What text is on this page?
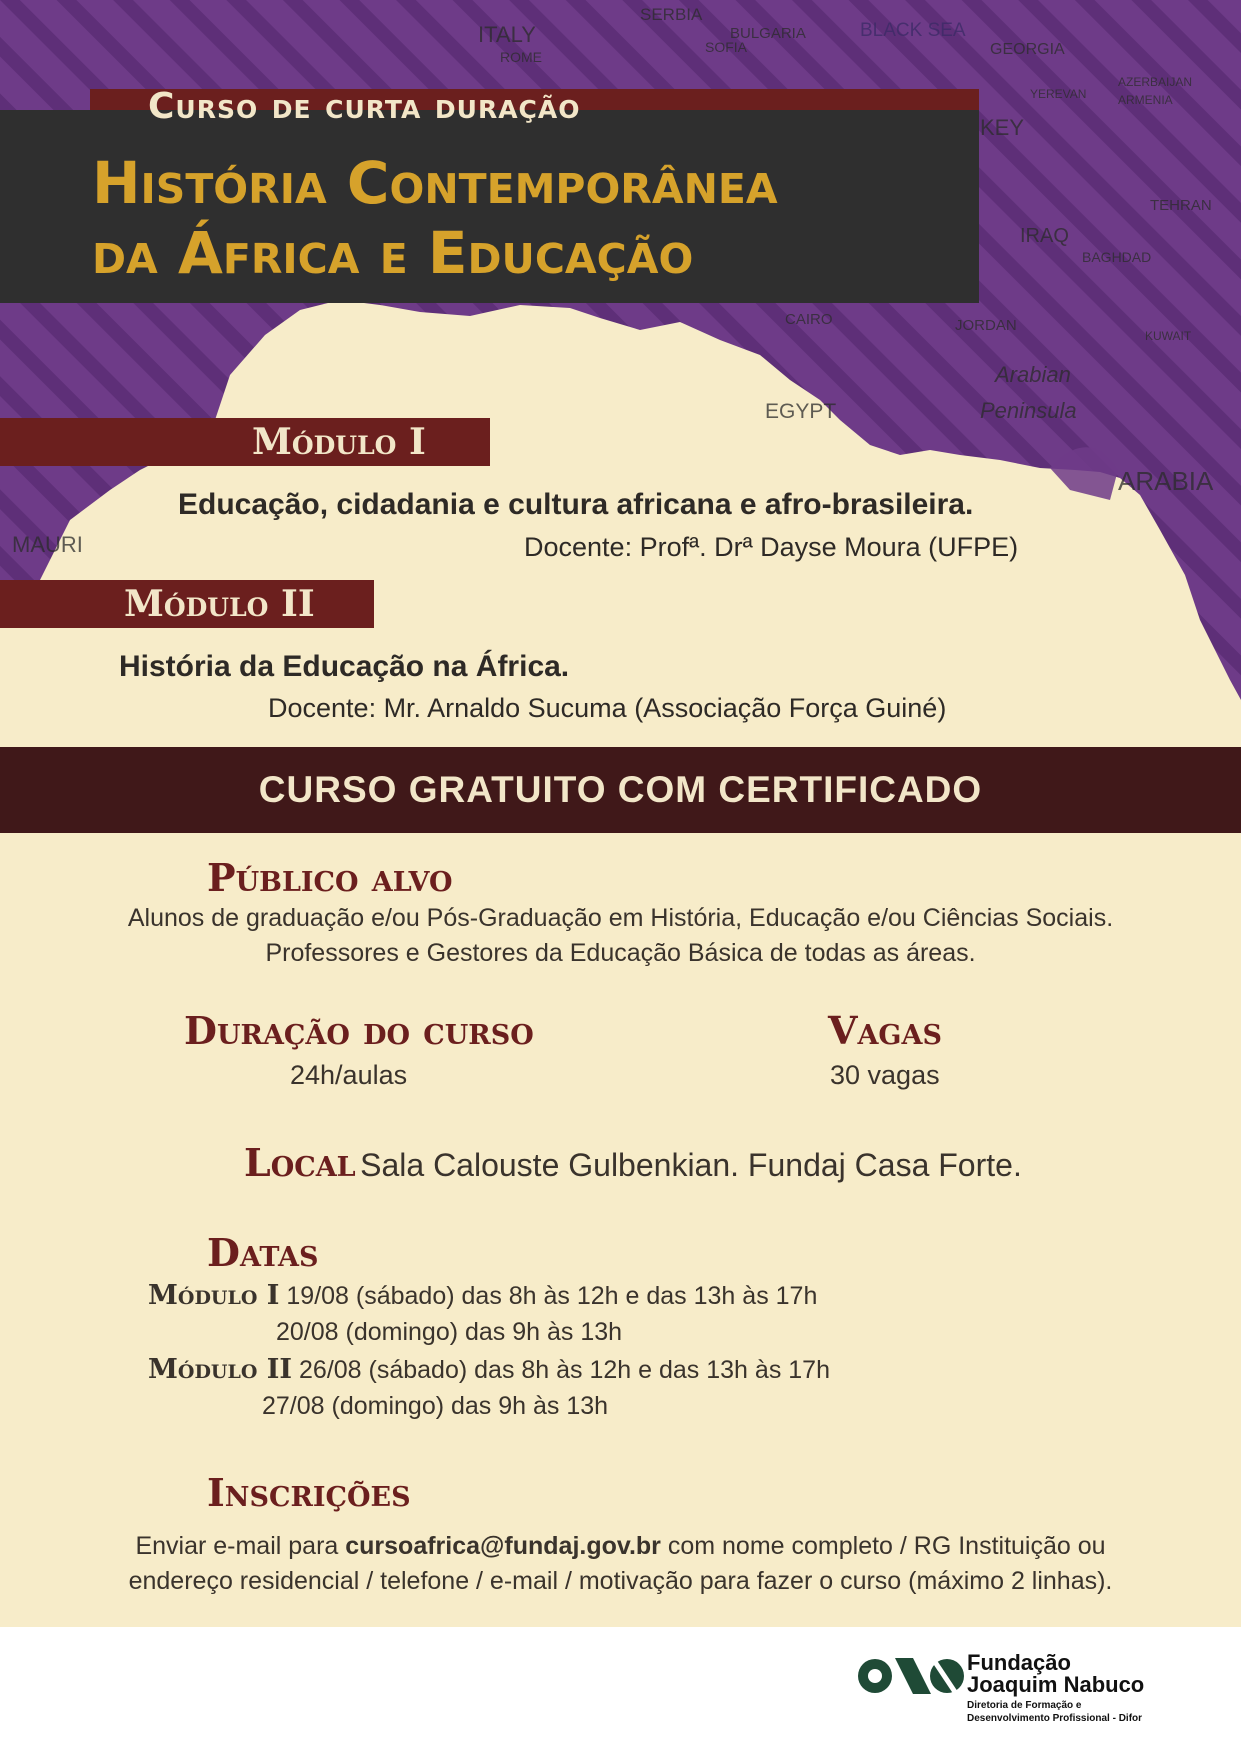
ITALY
SERBIA
BULGARIA	BLACK SEA
GEORGIA
ROME
SOFIA
AZERBAIJAN
ARMENIA
YEREVAN
TEHRAN
IRAQ
BAGHDAD
CAIRO	JORDAN
EGYPT
KUWAIT
ARABIA
Arabian
Peninsula
MAURI
KEY
Curso de curta duração
História Contemporânea
da África e Educação
Módulo I
Educação, cidadania e cultura africana e afro-brasileira.
Docente: Profª. Drª Dayse Moura (UFPE)
Módulo II
História da Educação na África.
Docente: Mr. Arnaldo Sucuma (Associação Força Guiné)
CURSO GRATUITO COM CERTIFICADO
Público alvo
Alunos de graduação e/ou Pós-Graduação em História, Educação e/ou Ciências Sociais.
Professores e Gestores da Educação Básica de todas as áreas.
Duração do curso
24h/aulas
Vagas
30 vagas
Local Sala Calouste Gulbenkian. Fundaj Casa Forte.
Datas
Módulo I 19/08 (sábado) das 8h às 12h e das 13h às 17h
20/08 (domingo) das 9h às 13h
Módulo II 26/08 (sábado) das 8h às 12h e das 13h às 17h
27/08 (domingo) das 9h às 13h
Inscrições
Enviar e-mail para cursoafrica@fundaj.gov.br com nome completo / RG Instituição ou
endereço residencial / telefone / e-mail / motivação para fazer o curso (máximo 2 linhas).
Fundação
Joaquim Nabuco
Diretoria de Formação e
Desenvolvimento Profissional - Difor
